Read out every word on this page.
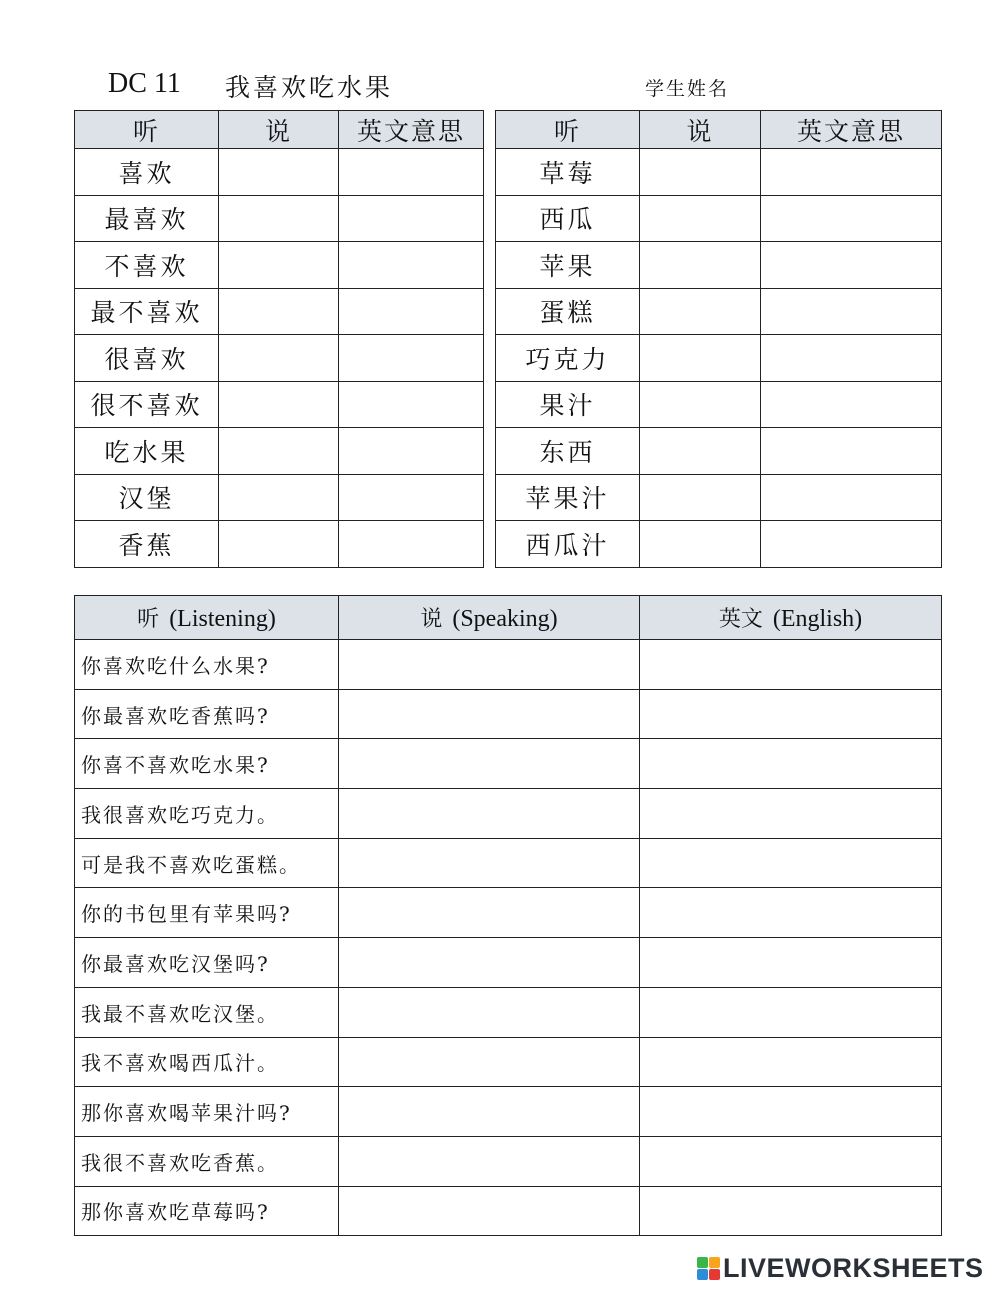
DC 11 我喜欢吃水果	学生姓名
听	说	英文意思
喜欢		
最喜欢		
不喜欢		
最不喜欢		
很喜欢		
很不喜欢		
吃水果		
汉堡		
香蕉		
听	说	英文意思
草莓		
西瓜		
苹果		
蛋糕		
巧克力		
果汁		
东西		
苹果汁		
西瓜汁		
听 (Listening)	说 (Speaking)	英文 (English)
你喜欢吃什么水果?		
你最喜欢吃香蕉吗?		
你喜不喜欢吃水果?		
我很喜欢吃巧克力。		
可是我不喜欢吃蛋糕。		
你的书包里有苹果吗?		
你最喜欢吃汉堡吗?		
我最不喜欢吃汉堡。		
我不喜欢喝西瓜汁。		
那你喜欢喝苹果汁吗?		
我很不喜欢吃香蕉。		
那你喜欢吃草莓吗?		
LIVEWORKSHEETS
